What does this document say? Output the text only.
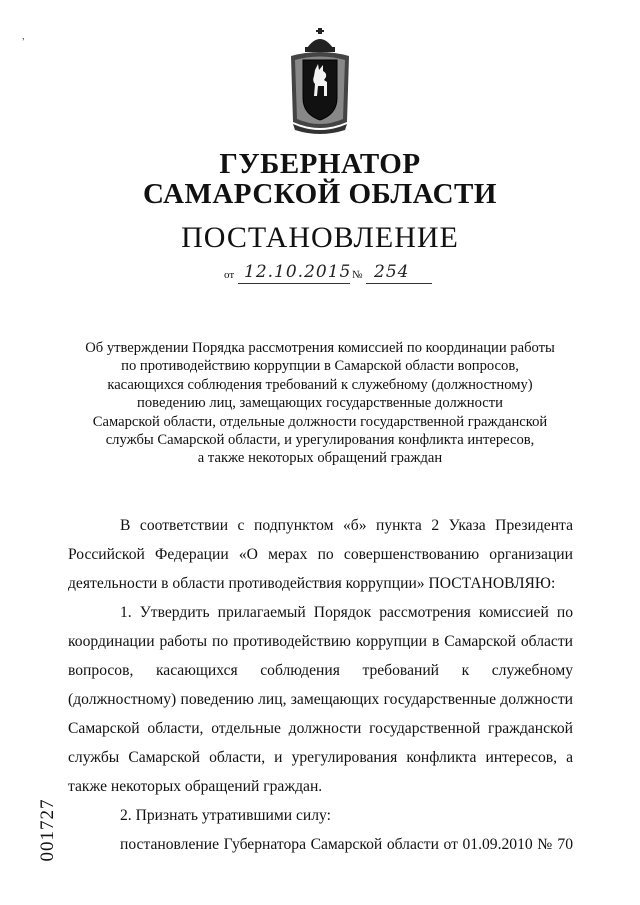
ГУБЕРНАТОР
САМАРСКОЙ ОБЛАСТИ
ПОСТАНОВЛЕНИЕ
от 12.10.2015 № 254
Об утверждении Порядка рассмотрения комиссией по координации работы
по противодействию коррупции в Самарской области вопросов,
касающихся соблюдения требований к служебному (должностному)
поведению лиц, замещающих государственные должности
Самарской области, отдельные должности государственной гражданской
службы Самарской области, и урегулирования конфликта интересов,
а также некоторых обращений граждан
В соответствии с подпунктом «б» пункта 2 Указа Президента
Российской Федерации «О мерах по совершенствованию организации
деятельности в области противодействия коррупции» ПОСТАНОВЛЯЮ:
1. Утвердить прилагаемый Порядок рассмотрения комиссией по
координации работы по противодействию коррупции в Самарской области
вопросов, касающихся соблюдения требований к служебному
(должностному) поведению лиц, замещающих государственные должности
Самарской области, отдельные должности государственной гражданской
службы Самарской области, и урегулирования конфликта интересов, а
также некоторых обращений граждан.
2. Признать утратившими силу:
постановление Губернатора Самарской области от 01.09.2010 № 70
001727
,
